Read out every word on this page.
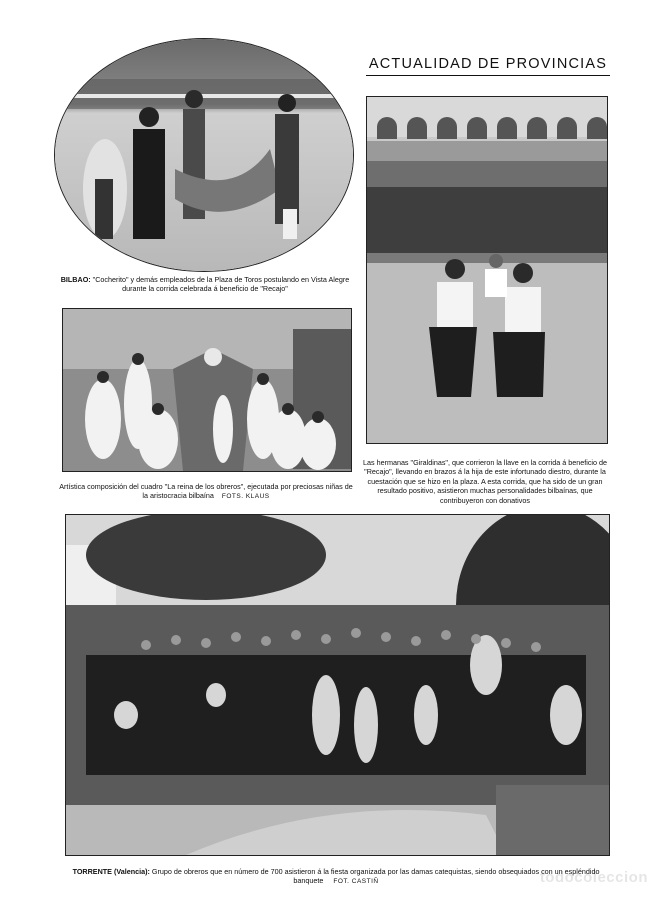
ACTUALIDAD DE PROVINCIAS
BILBAO: "Cocherito" y demás empleados de la Plaza de Toros postulando en Vista Alegre durante la corrida celebrada á beneficio de "Recajo"
Artística composición del cuadro "La reina de los obreros", ejecutada por preciosas niñas de la aristocracia bilbaína FOTS. KLAUS
Las hermanas "Giraldinas", que corrieron la llave en la corrida á beneficio de "Recajo", llevando en brazos á la hija de este infortunado diestro, durante la cuestación que se hizo en la plaza. A esta corrida, que ha sido de un gran resultado positivo, asistieron muchas personalidades bilbaínas, que contribuyeron con donativos
TORRENTE (Valencia): Grupo de obreros que en número de 700 asistieron á la fiesta organizada por las damas catequistas, siendo obsequiados con un espléndido banquete FOT. CASTIÑ	todocoleccion
